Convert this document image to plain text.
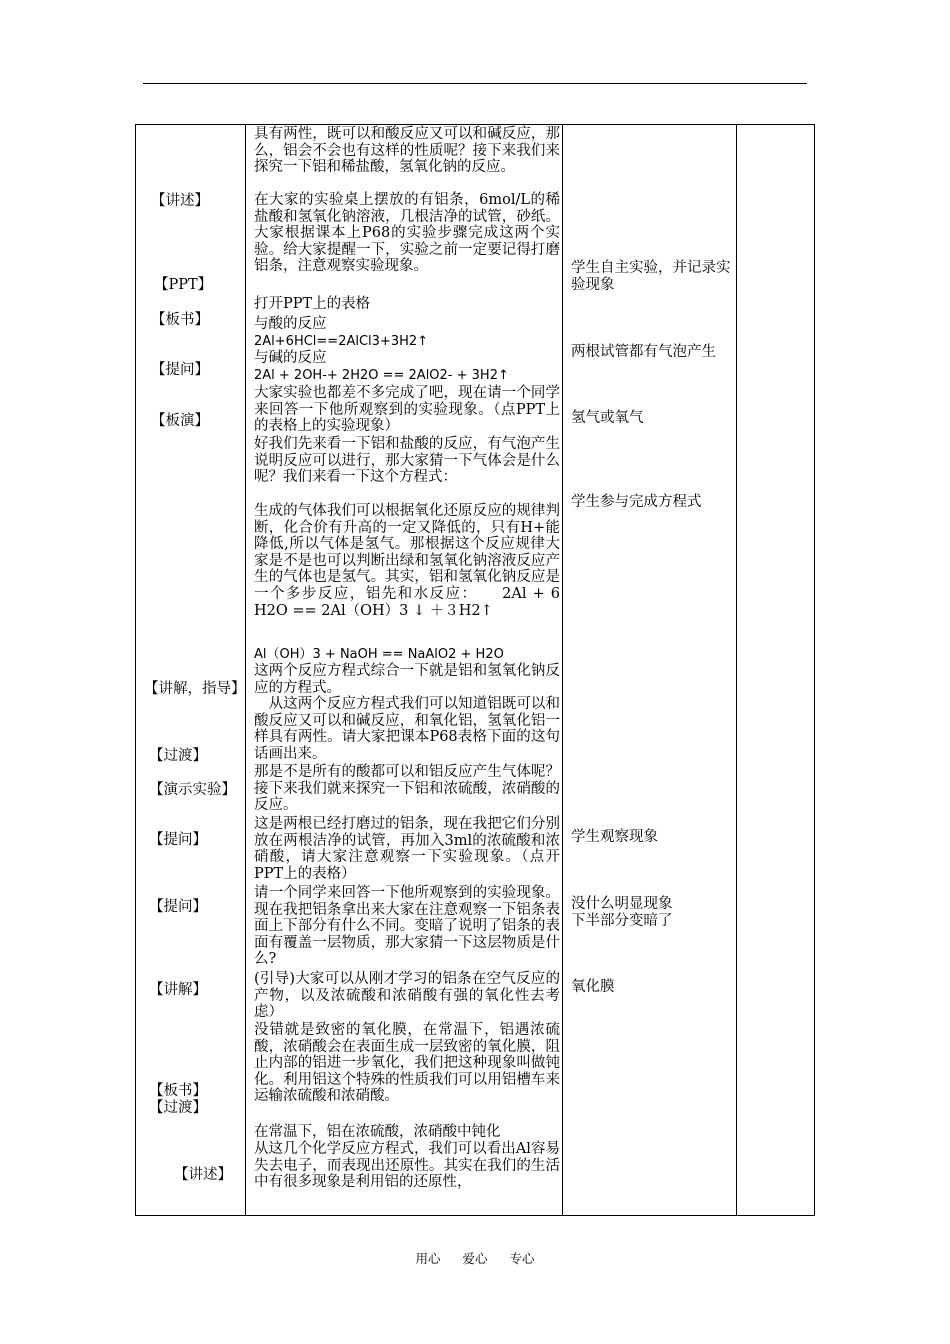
【讲述】
【PPT】
【板书】
【提问】
【板演】
【讲解，指导】
【过渡】
【演示实验】
【提问】
【提问】
【讲解】
【板书】
【过渡】
【讲述】
具有两性，既可以和酸反应又可以和碱反应，那么，铝会不会也有这样的性质呢？接下来我们来探究一下铝和稀盐酸，氢氧化钠的反应。
在大家的实验桌上摆放的有铝条，6mol/L的稀盐酸和氢氧化钠溶液，几根洁净的试管，砂纸。大家根据课本上P68的实验步骤完成这两个实验。给大家提醒一下，实验之前一定要记得打磨铝条，注意观察实验现象。
打开PPT上的表格
与酸的反应
2Al+6HCl==2AlCl3+3H2↑
与碱的反应
2Al + 2OH-+ 2H2O == 2AlO2- + 3H2↑
大家实验也都差不多完成了吧，现在请一个同学来回答一下他所观察到的实验现象。（点PPT上的表格上的实验现象）
好我们先来看一下铝和盐酸的反应，有气泡产生说明反应可以进行，那大家猜一下气体会是什么呢？我们来看一下这个方程式：
生成的气体我们可以根据氧化还原反应的规律判断，化合价有升高的一定又降低的，只有H+能降低,所以气体是氢气。那根据这个反应规律大家是不是也可以判断出绿和氢氧化钠溶液反应产生的气体也是氢气。其实，铝和氢氧化钠反应是一个多步反应，铝先和水反应：　　2Al + 6 H2O == 2Al（OH）3 ↓ ＋３H2↑
Al（OH）3 + NaOH == NaAlO2 + H2O
这两个反应方程式综合一下就是铝和氢氧化钠反应的方程式。
　从这两个反应方程式我们可以知道铝既可以和酸反应又可以和碱反应，和氧化铝，氢氧化铝一样具有两性。请大家把课本P68表格下面的这句话画出来。
那是不是所有的酸都可以和铝反应产生气体呢？接下来我们就来探究一下铝和浓硫酸，浓硝酸的反应。
这是两根已经打磨过的铝条，现在我把它们分别放在两根洁净的试管，再加入3ml的浓硫酸和浓硝酸，请大家注意观察一下实验现象。（点开PPT上的表格）
请一个同学来回答一下他所观察到的实验现象。现在我把铝条拿出来大家在注意观察一下铝条表面上下部分有什么不同。变暗了说明了铝条的表面有覆盖一层物质，那大家猜一下这层物质是什么?
(引导)大家可以从刚才学习的铝条在空气反应的产物，以及浓硫酸和浓硝酸有强的氧化性去考虑）
没错就是致密的氧化膜，在常温下，铝遇浓硫酸，浓硝酸会在表面生成一层致密的氧化膜，阻止内部的铝进一步氧化，我们把这种现象叫做钝化。利用铝这个特殊的性质我们可以用铝槽车来运输浓硫酸和浓硝酸。
在常温下，铝在浓硫酸，浓硝酸中钝化
从这几个化学反应方程式，我们可以看出Al容易失去电子，而表现出还原性。其实在我们的生活中有很多现象是利用铝的还原性，
学生自主实验，并记录实验现象
两根试管都有气泡产生
氢气或氧气
学生参与完成方程式
学生观察现象
没什么明显现象
下半部分变暗了
氧化膜
用心 爱心 专心
